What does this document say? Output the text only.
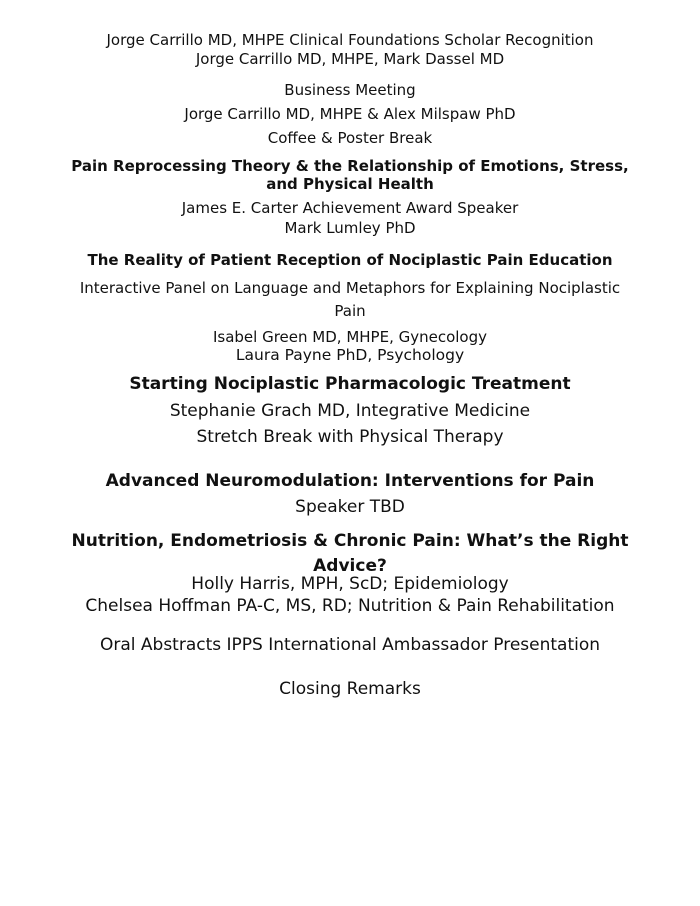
Jorge Carrillo MD, MHPE Clinical Foundations Scholar Recognition
Jorge Carrillo MD, MHPE, Mark Dassel MD
Business Meeting
Jorge Carrillo MD, MHPE & Alex Milspaw PhD
Coffee & Poster Break
Pain Reprocessing Theory & the Relationship of Emotions, Stress,
and Physical Health
James E. Carter Achievement Award Speaker
Mark Lumley PhD
The Reality of Patient Reception of Nociplastic Pain Education
Interactive Panel on Language and Metaphors for Explaining Nociplastic
Pain
Isabel Green MD, MHPE, Gynecology
Laura Payne PhD, Psychology
Starting Nociplastic Pharmacologic Treatment
Stephanie Grach MD, Integrative Medicine
Stretch Break with Physical Therapy
Advanced Neuromodulation: Interventions for Pain
Speaker TBD
Nutrition, Endometriosis & Chronic Pain: What’s the Right
Advice?
Holly Harris, MPH, ScD; Epidemiology
Chelsea Hoffman PA-C, MS, RD; Nutrition & Pain Rehabilitation
Oral Abstracts IPPS International Ambassador Presentation
Closing Remarks
